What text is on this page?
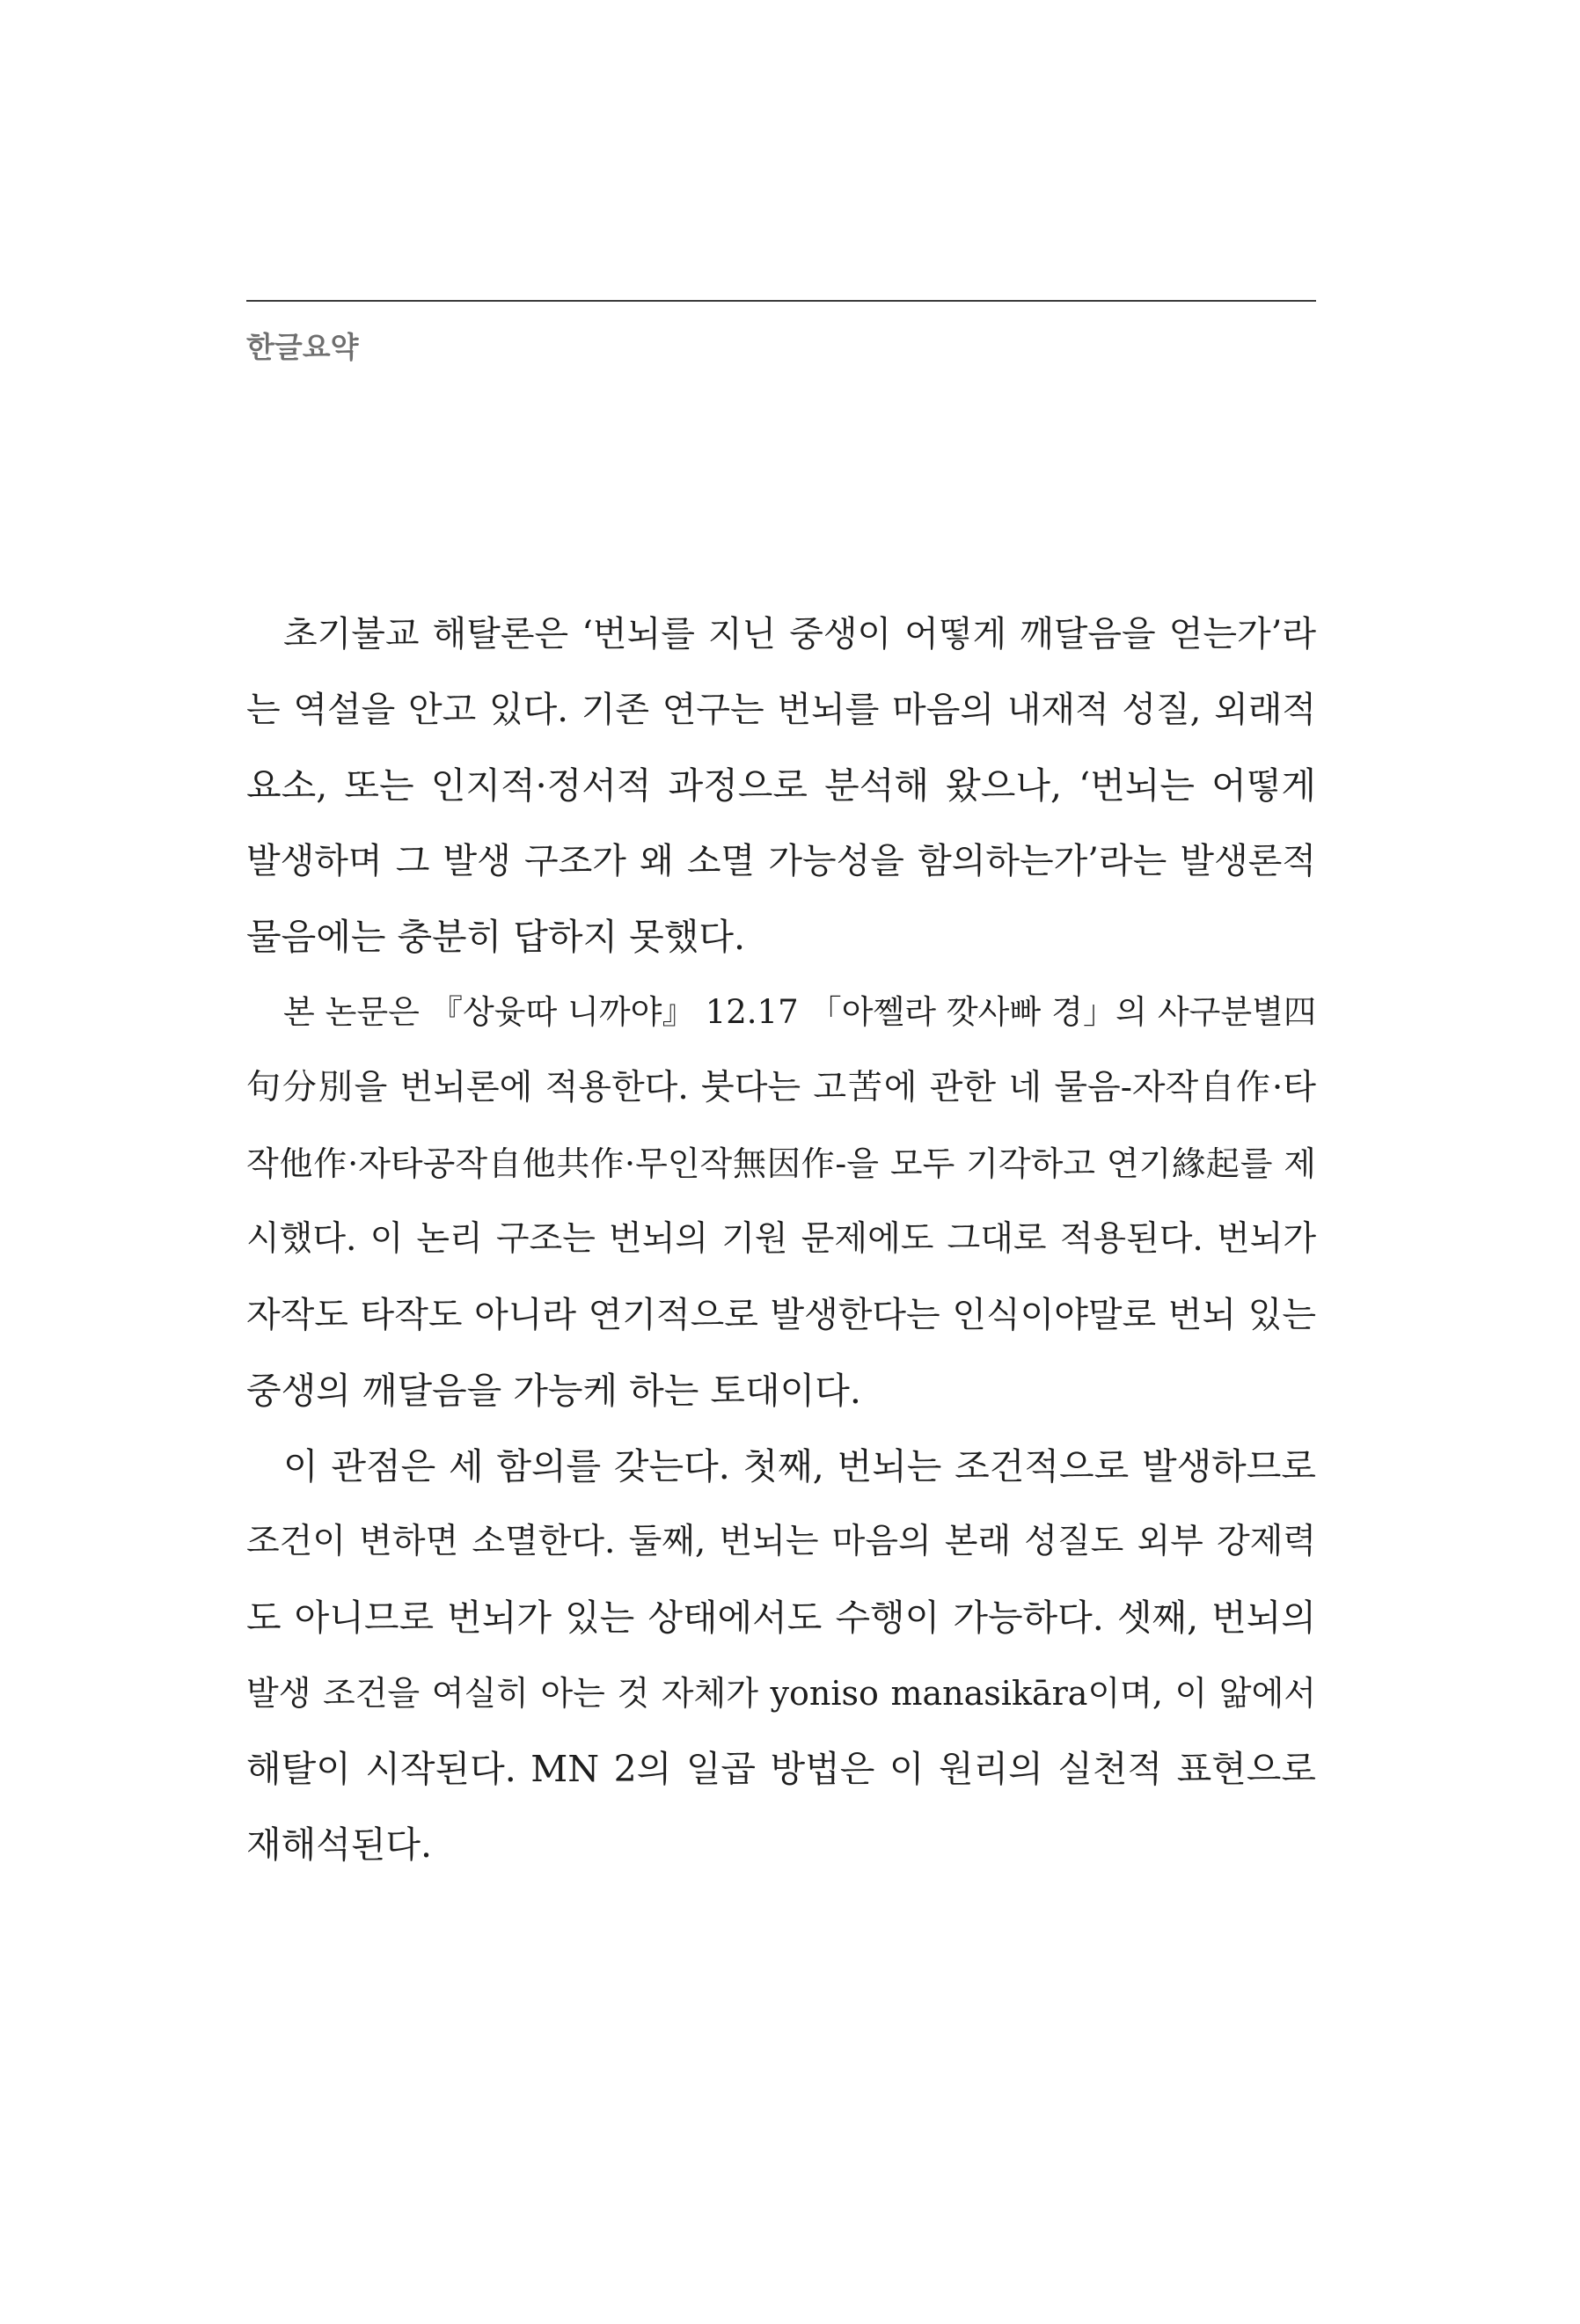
한글요약

초기불교 해탈론은 ‘번뇌를 지닌 중생이 어떻게 깨달음을 얻는가’라

는 역설을 안고 있다. 기존 연구는 번뇌를 마음의 내재적 성질, 외래적

요소, 또는 인지적·정서적 과정으로 분석해 왔으나, ‘번뇌는 어떻게

발생하며 그 발생 구조가 왜 소멸 가능성을 함의하는가’라는 발생론적

물음에는 충분히 답하지 못했다.

본 논문은 『상윳따 니까야』 12.17 「아쩰라 깟사빠 경」의 사구분별四

句分別을 번뇌론에 적용한다. 붓다는 고苦에 관한 네 물음-자작自作·타

작他作·자타공작自他共作·무인작無因作-을 모두 기각하고 연기緣起를 제

시했다. 이 논리 구조는 번뇌의 기원 문제에도 그대로 적용된다. 번뇌가

자작도 타작도 아니라 연기적으로 발생한다는 인식이야말로 번뇌 있는

중생의 깨달음을 가능케 하는 토대이다.

이 관점은 세 함의를 갖는다. 첫째, 번뇌는 조건적으로 발생하므로

조건이 변하면 소멸한다. 둘째, 번뇌는 마음의 본래 성질도 외부 강제력

도 아니므로 번뇌가 있는 상태에서도 수행이 가능하다. 셋째, 번뇌의

발생 조건을 여실히 아는 것 자체가 yoniso manasikāra이며, 이 앎에서

해탈이 시작된다. MN 2의 일곱 방법은 이 원리의 실천적 표현으로

재해석된다.
